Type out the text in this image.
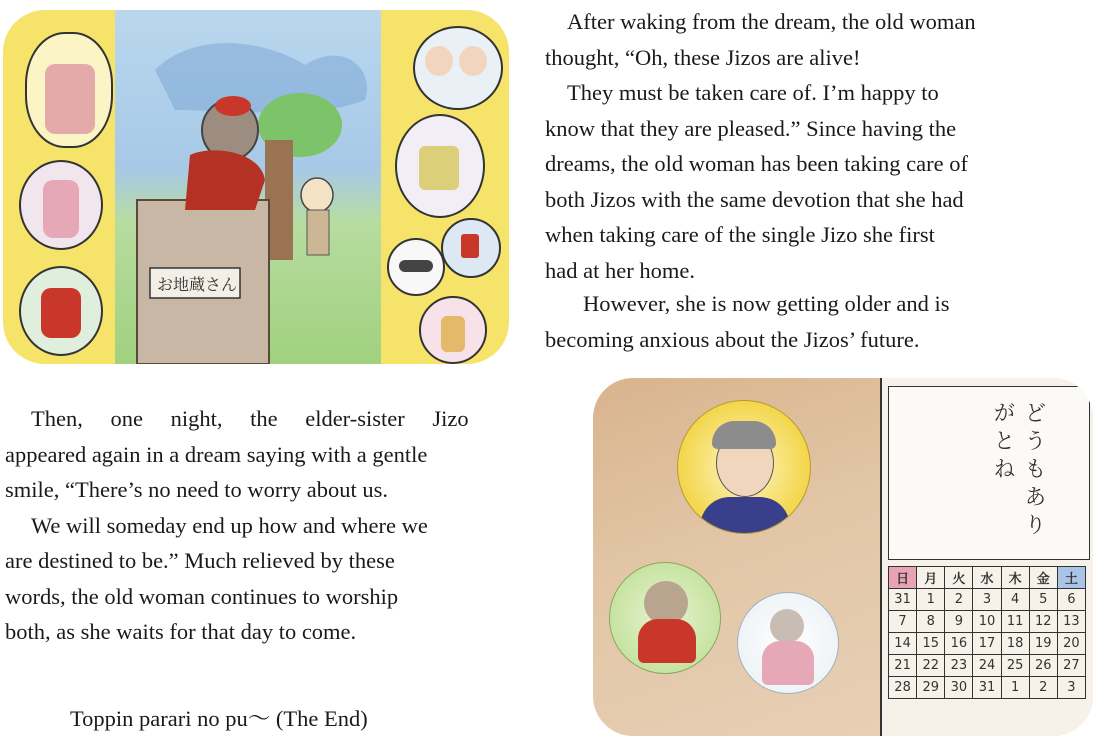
お地蔵さん

After waking from the dream, the old woman
thought, “Oh, these Jizos are alive!
They must be taken care of. I’m happy to
know that they are pleased.” Since having the
dreams, the old woman has been taking care of
both Jizos with the same devotion that she had
when taking care of the single Jizo she first
had at her home.

However, she is now getting older and is
becoming anxious about the Jizos’ future.

Then, one night, the elder-sister Jizo
appeared again in a dream saying with a gentle
smile, “There’s no need to worry about us.
We will someday end up how and where we
are destined to be.” Much relieved by these
words, the old woman continues to worship
both, as she waits for that day to come.

Toppin parari no pu〜 (The End)
どうもありがとね
日	月	火	水	木	金	土
31	1	2	3	4	5	6
7	8	9	10	11	12	13
14	15	16	17	18	19	20
21	22	23	24	25	26	27
28	29	30	31	1	2	3
